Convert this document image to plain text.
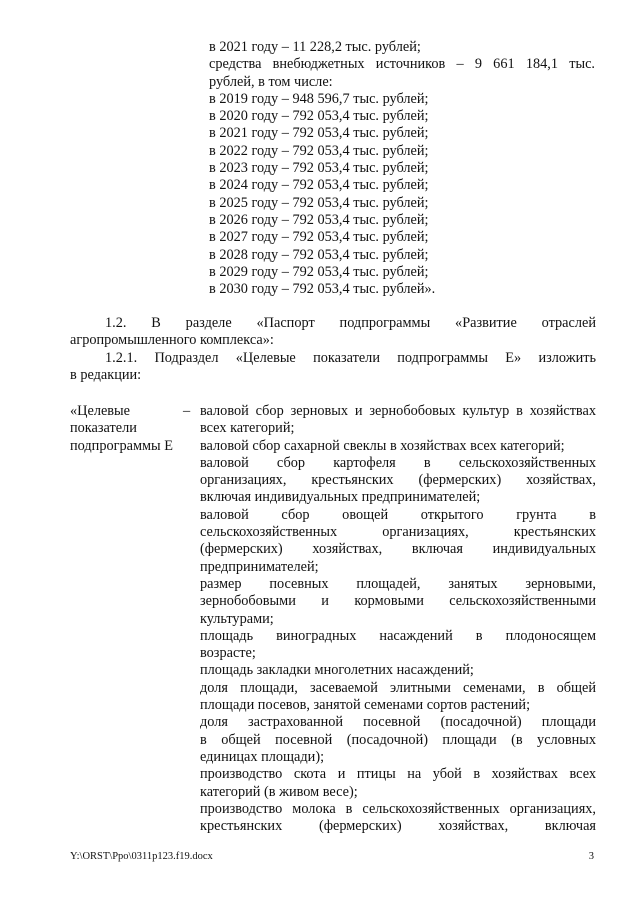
в 2021 году – 11 228,2 тыс. рублей;
средства внебюджетных источников – 9 661 184,1 тыс.
рублей, в том числе:
в 2019 году – 948 596,7 тыс. рублей;
в 2020 году – 792 053,4 тыс. рублей;
в 2021 году – 792 053,4 тыс. рублей;
в 2022 году – 792 053,4 тыс. рублей;
в 2023 году – 792 053,4 тыс. рублей;
в 2024 году – 792 053,4 тыс. рублей;
в 2025 году – 792 053,4 тыс. рублей;
в 2026 году – 792 053,4 тыс. рублей;
в 2027 году – 792 053,4 тыс. рублей;
в 2028 году – 792 053,4 тыс. рублей;
в 2029 году – 792 053,4 тыс. рублей;
в 2030 году – 792 053,4 тыс. рублей».
1.2. В разделе «Паспорт подпрограммы «Развитие отраслей
агропромышленного комплекса»:
1.2.1. Подраздел «Целевые показатели подпрограммы Е» изложить
в редакции:
«Целевые
показатели
подпрограммы Е
– валовой сбор зерновых и зернобобовых культур в хозяйствах
всех категорий;
валовой сбор сахарной свеклы в хозяйствах всех категорий;
валовой сбор картофеля в сельскохозяйственных
организациях, крестьянских (фермерских) хозяйствах,
включая индивидуальных предпринимателей;
валовой сбор овощей открытого грунта в
сельскохозяйственных организациях, крестьянских
(фермерских) хозяйствах, включая индивидуальных
предпринимателей;
размер посевных площадей, занятых зерновыми,
зернобобовыми и кормовыми сельскохозяйственными
культурами;
площадь виноградных насаждений в плодоносящем
возрасте;
площадь закладки многолетних насаждений;
доля площади, засеваемой элитными семенами, в общей
площади посевов, занятой семенами сортов растений;
доля застрахованной посевной (посадочной) площади
в общей посевной (посадочной) площади (в условных
единицах площади);
производство скота и птицы на убой в хозяйствах всех
категорий (в живом весе);
производство молока в сельскохозяйственных организациях,
крестьянских (фермерских) хозяйствах, включая
Y:\ORST\Ppo\0311p123.f19.docx	3
